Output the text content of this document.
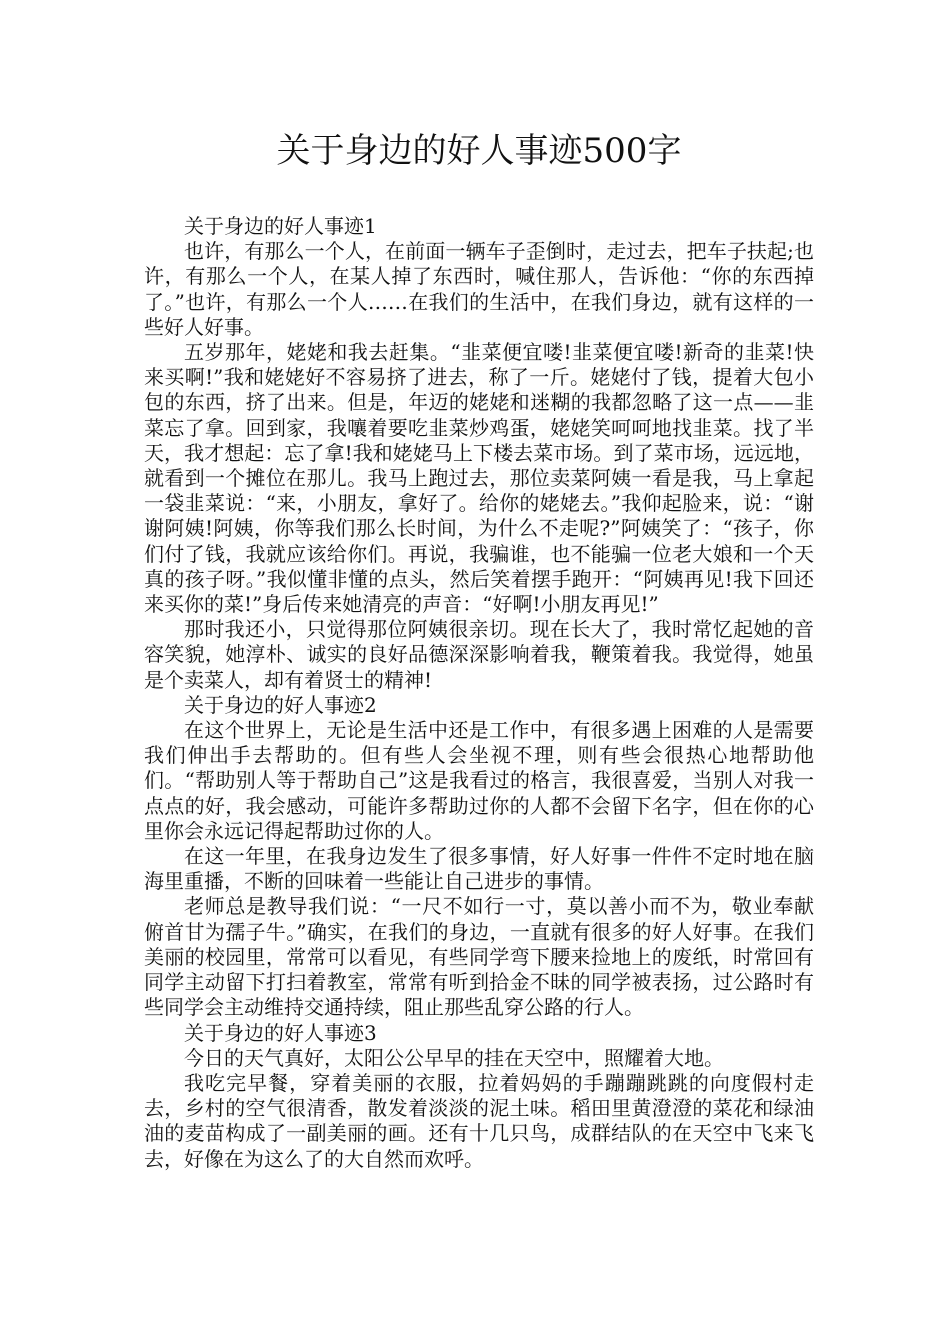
关于身边的好人事迹500字

关于身边的好人事迹1

也许，有那么一个人，在前面一辆车子歪倒时，走过去，把车子扶起;也许，有那么一个人，在某人掉了东西时，喊住那人，告诉他：“你的东西掉了。”也许，有那么一个人……在我们的生活中，在我们身边，就有这样的一些好人好事。

五岁那年，姥姥和我去赶集。“韭菜便宜喽!韭菜便宜喽!新奇的韭菜!快来买啊!”我和姥姥好不容易挤了进去，称了一斤。姥姥付了钱，提着大包小包的东西，挤了出来。但是，年迈的姥姥和迷糊的我都忽略了这一点——韭菜忘了拿。回到家，我嚷着要吃韭菜炒鸡蛋，姥姥笑呵呵地找韭菜。找了半天，我才想起：忘了拿!我和姥姥马上下楼去菜市场。到了菜市场，远远地，就看到一个摊位在那儿。我马上跑过去，那位卖菜阿姨一看是我，马上拿起一袋韭菜说：“来，小朋友，拿好了。给你的姥姥去。”我仰起脸来，说：“谢谢阿姨!阿姨，你等我们那么长时间，为什么不走呢?”阿姨笑了：“孩子，你们付了钱，我就应该给你们。再说，我骗谁，也不能骗一位老大娘和一个天真的孩子呀。”我似懂非懂的点头，然后笑着摆手跑开：“阿姨再见!我下回还来买你的菜!”身后传来她清亮的声音：“好啊!小朋友再见!”

那时我还小，只觉得那位阿姨很亲切。现在长大了，我时常忆起她的音容笑貌，她淳朴、诚实的良好品德深深影响着我，鞭策着我。我觉得，她虽是个卖菜人，却有着贤士的精神!

关于身边的好人事迹2

在这个世界上，无论是生活中还是工作中，有很多遇上困难的人是需要我们伸出手去帮助的。但有些人会坐视不理，则有些会很热心地帮助他们。“帮助别人等于帮助自己”这是我看过的格言，我很喜爱，当别人对我一点点的好，我会感动，可能许多帮助过你的人都不会留下名字，但在你的心里你会永远记得起帮助过你的人。

在这一年里，在我身边发生了很多事情，好人好事一件件不定时地在脑海里重播，不断的回味着一些能让自己进步的事情。

老师总是教导我们说：“一尺不如行一寸，莫以善小而不为，敬业奉献俯首甘为孺子牛。”确实，在我们的身边，一直就有很多的好人好事。在我们美丽的校园里，常常可以看见，有些同学弯下腰来捡地上的废纸，时常回有同学主动留下打扫着教室，常常有听到拾金不昧的同学被表扬，过公路时有些同学会主动维持交通持续，阻止那些乱穿公路的行人。

关于身边的好人事迹3

今日的天气真好，太阳公公早早的挂在天空中，照耀着大地。

我吃完早餐，穿着美丽的衣服，拉着妈妈的手蹦蹦跳跳的向度假村走去，乡村的空气很清香，散发着淡淡的泥土味。稻田里黄澄澄的菜花和绿油油的麦苗构成了一副美丽的画。还有十几只鸟，成群结队的在天空中飞来飞去，好像在为这么了的大自然而欢呼。
